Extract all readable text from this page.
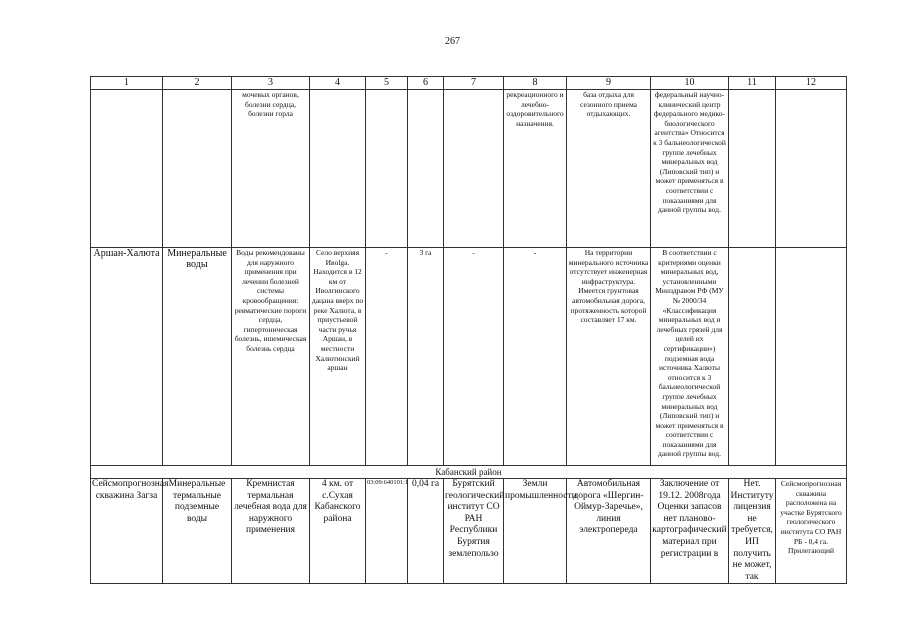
267
1	2	3	4	5	6	7	8	9	10	11	12
		мочевых органов, болезни сердца, болезни горла					рекреационного и лечебно-оздоровительного назначения.	база отдыха для сезонного приема отдыхающих.	федеральный научно-клинический центр федерального медико-биологического агентства» Относится к 3 бальнеологической группе лечебных минеральных вод (Липовский тип) и может применяться в соответствии с показаниями для данной группы вод.		
Аршан-Халюта	Минеральные воды	Воды рекомендованы для наружного применения при лечении болезней системы кровообращения: ревматические пороги сердца, гипертоническая болезнь, ишемическая болезнь сердца	Село верхняя Ивolga. Находится в 12 км от Иволгинского дацана вверх по реке Халюта, в приустьевой части ручья Аршан, в местности Халютинский аршан	-	3 га	-	-	На территории минерального источника отсутствует инженерная инфраструктура. Имеется грунтовая автомобильная дорога, протяженность которой составляет 17 км.	В соответствии с критериями оценки минеральных вод, установленными Минздравом РФ (МУ № 2000/34 «Классификация минеральных вод и лечебных грязей для целей их сертификации») подземная вода источника Халюты относится к 3 бальнеологической группе лечебных минеральных вод (Липовский тип) и может применяться в соответствии с показаниями для данной группы вод.		
Кабанский район											
Сейсмопрогнозная скважина Загза	Минеральные термальные подземные воды	Кремнистая термальная лечебная вода для наружного применения	4 км. от с.Сухая Кабанского района	03:09:640101:1	0,04 га	Бурятский геологический институт СО РАН Республики Бурятия землепользо	Земли промышленности	Автомобильная дорога «Шергин-Оймур-Заречье», линия электропереда	Заключение от 19.12. 2008года Оценки запасов нет плановo-картографический материал при регистрации в	Нет. Институту лицензия не требуется, ИП получить не может, так	Сейсмопрогнозная скважина расположена на участке Бурятского геологического института СО РАН РБ - 0,4 га. Прилегающий
